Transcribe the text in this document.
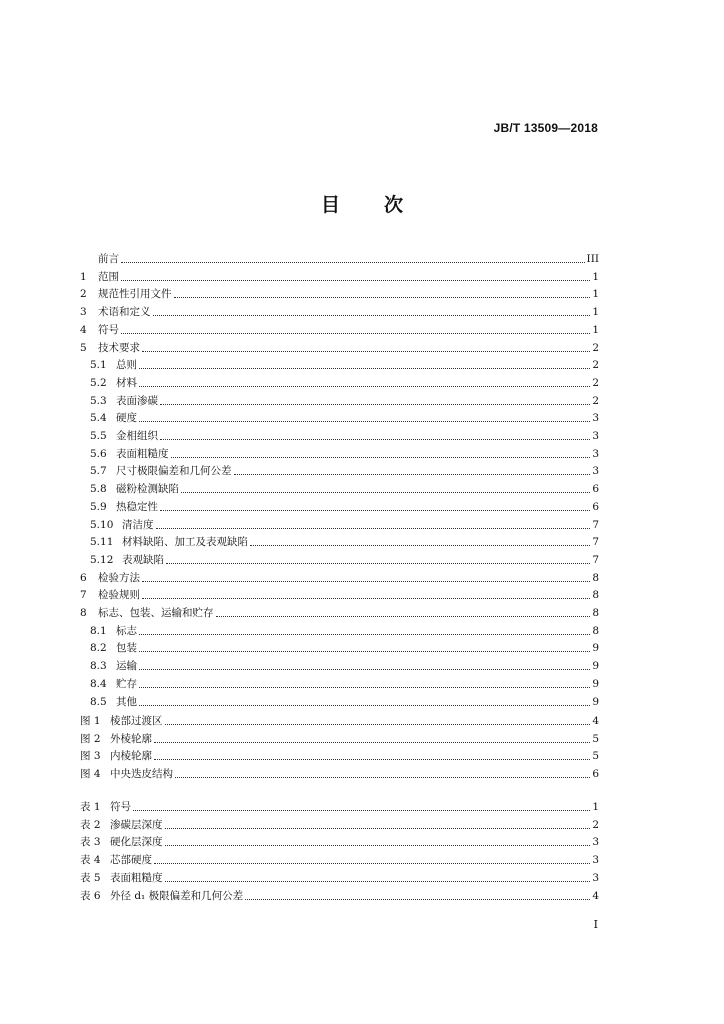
JB/T 13509—2018
目 次
前言	III
1	范围	1
2	规范性引用文件	1
3	术语和定义	1
4	符号	1
5	技术要求	2
5.1 总则	2
5.2 材料	2
5.3 表面渗碳	2
5.4 硬度	3
5.5 金相组织	3
5.6 表面粗糙度	3
5.7 尺寸极限偏差和几何公差	3
5.8 磁粉检测缺陷	6
5.9 热稳定性	6
5.10 清洁度	7
5.11 材料缺陷、加工及表观缺陷	7
5.12 表观缺陷	7
6	检验方法	8
7	检验规则	8
8	标志、包装、运输和贮存	8
8.1 标志	8
8.2 包装	9
8.3 运输	9
8.4 贮存	9
8.5 其他	9
图 1 棱部过渡区	4
图 2 外棱轮廓	5
图 3 内棱轮廓	5
图 4 中央迭皮结构	6
表 1 符号	1
表 2 渗碳层深度	2
表 3 硬化层深度	3
表 4 芯部硬度	3
表 5 表面粗糙度	3
表 6 外径 d₁ 极限偏差和几何公差	4
I
